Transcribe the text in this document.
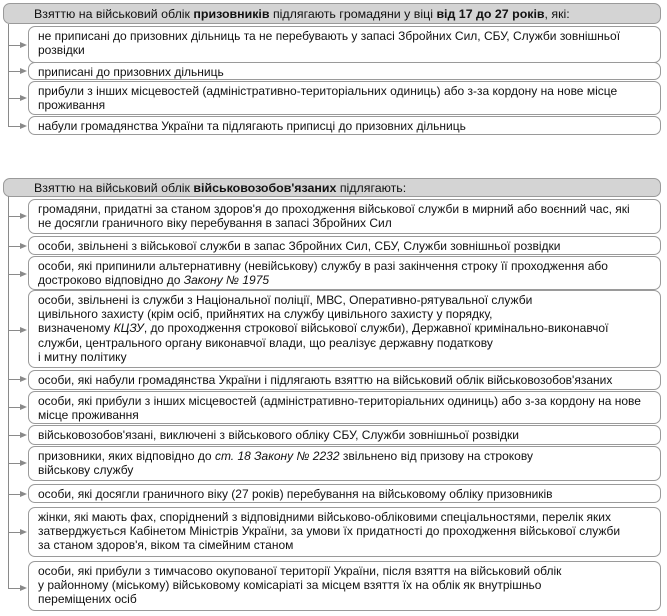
Взяттю на військовий облік призовників підлягають громадяни у віці від 17 до 27 років, які:
не приписані до призовних дільниць та не перебувають у запасі Збройних Сил, СБУ, Служби зовнішньої
розвідки
приписані до призовних дільниць
прибули з інших місцевостей (адміністративно-територіальних одиниць) або з-за кордону на нове місце
проживання
набули громадянства України та підлягають приписці до призовних дільниць
Взяттю на військовий облік військовозобов'язаних підлягають:
громадяни, придатні за станом здоров'я до проходження військової служби в мирний або воєнний час, які
не досягли граничного віку перебування в запасі Збройних Сил
особи, звільнені з військової служби в запас Збройних Сил, СБУ, Служби зовнішньої розвідки
особи, які припинили альтернативну (невійськову) службу в разі закінчення строку її проходження або
достроково відповідно до Закону № 1975
особи, звільнені із служби з Національної поліції, МВС, Оперативно-рятувальної служби
цивільного захисту (крім осіб, прийнятих на службу цивільного захисту у порядку,
визначеному КЦЗУ, до проходження строкової військової служби), Державної кримінально-виконавчої
служби, центрального органу виконавчої влади, що реалізує державну податкову
і митну політику
особи, які набули громадянства України і підлягають взяттю на військовий облік військовозобов'язаних
особи, які прибули з інших місцевостей (адміністративно-територіальних одиниць) або з-за кордону на нове
місце проживання
військовозобов'язані, виключені з військового обліку СБУ, Служби зовнішньої розвідки
призовники, яких відповідно до ст. 18 Закону № 2232 звільнено від призову на строкову
військову службу
особи, які досягли граничного віку (27 років) перебування на військовому обліку призовників
жінки, які мають фах, споріднений з відповідними військово-обліковими спеціальностями, перелік яких
затверджується Кабінетом Міністрів України, за умови їх придатності до проходження військової служби
за станом здоров'я, віком та сімейним станом
особи, які прибули з тимчасово окупованої території України, після взяття на військовий облік
у районному (міському) військовому комісаріаті за місцем взяття їх на облік як внутрішньо
переміщених осіб
